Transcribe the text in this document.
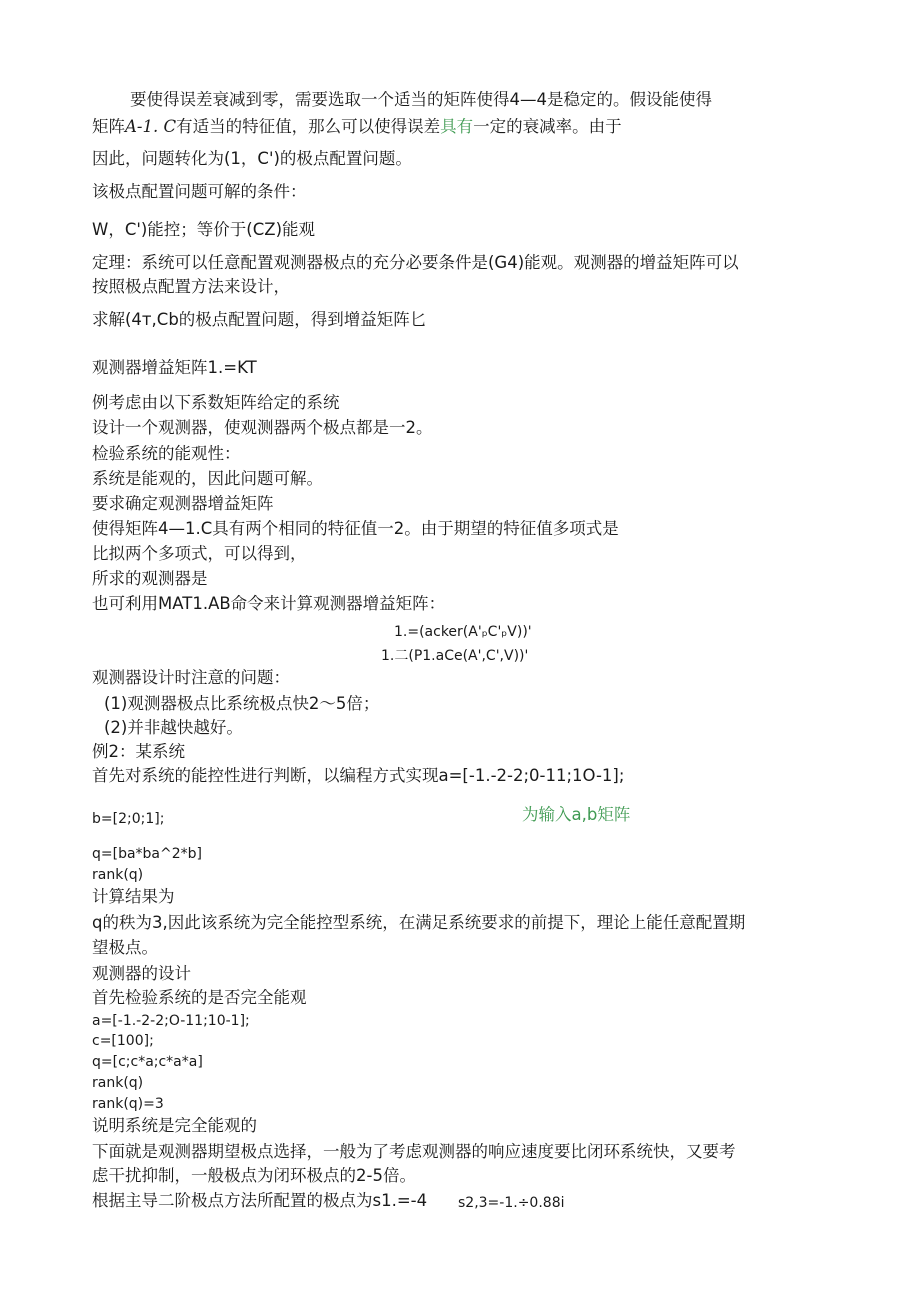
要使得误差衰减到零，需要选取一个适当的矩阵使得4—4是稳定的。假设能使得
矩阵A-1. C有适当的特征值，那么可以使得误差具有一定的衰减率。由于
因此，问题转化为(1，C')的极点配置问题。
该极点配置问题可解的条件：
W，C')能控；等价于(CZ)能观
定理：系统可以任意配置观测器极点的充分必要条件是(G4)能观。观测器的增益矩阵可以
按照极点配置方法来设计，
求解(4т,Cb的极点配置问题，得到增益矩阵匕
观测器增益矩阵1.=KT
例考虑由以下系数矩阵给定的系统
设计一个观测器，使观测器两个极点都是一2。
检验系统的能观性：
系统是能观的，因此问题可解。
要求确定观测器增益矩阵
使得矩阵4—1.C具有两个相同的特征值一2。由于期望的特征值多项式是
比拟两个多项式，可以得到，
所求的观测器是
也可利用MAT1.AB命令来计算观测器增益矩阵：
1.=(acker(A'ₚC'ₚV))'
1.二(P1.aCe(A',C',V))'
观测器设计时注意的问题：
(1)观测器极点比系统极点快2〜5倍；
(2)并非越快越好。
例2：某系统
首先对系统的能控性进行判断，以编程方式实现a=[-1.-2-2;0-11;1O-1];
b=[2;0;1];	为输入a,b矩阵
q=[ba*ba^2*b]
rank(q)
计算结果为
q的秩为3,因此该系统为完全能控型系统，在满足系统要求的前提下，理论上能任意配置期
望极点。
观测器的设计
首先检验系统的是否完全能观
a=[-1.-2-2;O-11;10-1];
c=[100];
q=[c;c*a;c*a*a]
rank(q)
rank(q)=3
说明系统是完全能观的
下面就是观测器期望极点选择，一般为了考虑观测器的响应速度要比闭环系统快，又要考
虑干扰抑制，一般极点为闭环极点的2-5倍。
根据主导二阶极点方法所配置的极点为s1.=-4 s2,3=-1.÷0.88i
